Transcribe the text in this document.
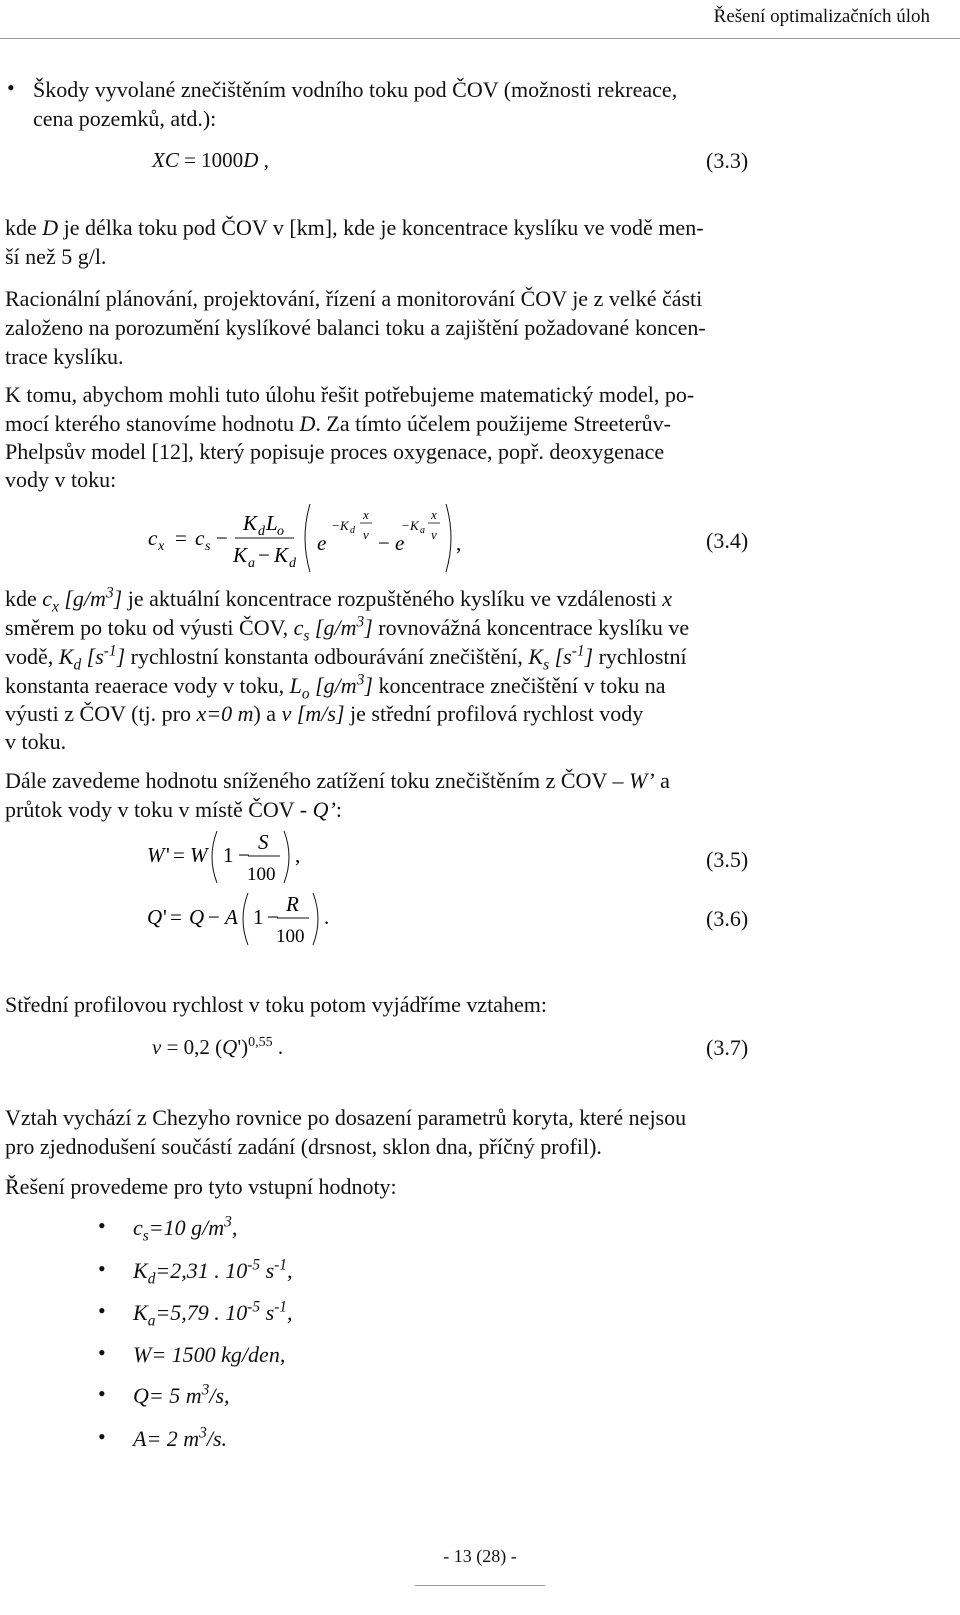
Řešení optimalizačních úloh
• Škody vyvolané znečištěním vodního toku pod ČOV (možnosti rekreace,
cena pozemků, atd.):
XC = 1000D ,	(3.3)
kde D je délka toku pod ČOV v [km], kde je koncentrace kyslíku ve vodě men-
ší než 5 g/l.
Racionální plánování, projektování, řízení a monitorování ČOV je z velké části
založeno na porozumění kyslíkové balanci toku a zajištění požadované koncen-
trace kyslíku.
K tomu, abychom mohli tuto úlohu řešit potřebujeme matematický model, po-
mocí kterého stanovíme hodnotu D. Za tímto účelem použijeme Streeterův-
Phelpsův model [12], který popisuje proces oxygenace, popř. deoxygenace
vody v toku:
c x = c s −
K d L o
K a − K d
e
− K d
x
v − e
− K a
x
v ,	(3.4)
kde $c_x$ $[g/m^3]$ je aktuální koncentrace rozpuštěného kyslíku ve vzdálenosti x
směrem po toku od výusti ČOV, $c_s$ $[g/m^3]$ rovnovážná koncentrace kyslíku ve
vodě, $K_d$ $[s^{-1}]$ rychlostní konstanta odbourávání znečištění, $K_s$ $[s^{-1}]$ rychlostní
konstanta reaerace vody v toku, $L_o$ $[g/m^3]$ koncentrace znečištění v toku na
výusti z ČOV (tj. pro x=0 m) a v [m/s] je střední profilová rychlost vody
v toku.
Dále zavedeme hodnotu sníženého zatížení toku znečištěním z ČOV – W’ a
průtok vody v toku v místě ČOV - Q’:
W ' = W 1 −
S
100
,	(3.5)
Q ' = Q − A 1 −
R
100
.	(3.6)
Střední profilovou rychlost v toku potom vyjádříme vztahem:
v = 0,2 $(Q')^{0,55}$ .	(3.7)
Vztah vychází z Chezyho rovnice po dosazení parametrů koryta, které nejsou
pro zjednodušení součástí zadání (drsnost, sklon dna, příčný profil).
Řešení provedeme pro tyto vstupní hodnoty:
• $c_s=10$ $g/m^3$,
• $K_d=2,31$ . $10^{-5}$ $s^{-1}$,
• $K_a=5,79$ . $10^{-5}$ $s^{-1}$,
• W= 1500 kg/den,
• Q= 5 $m^3/s$,
• A= 2 $m^3/s$.
- 13 (28) -
